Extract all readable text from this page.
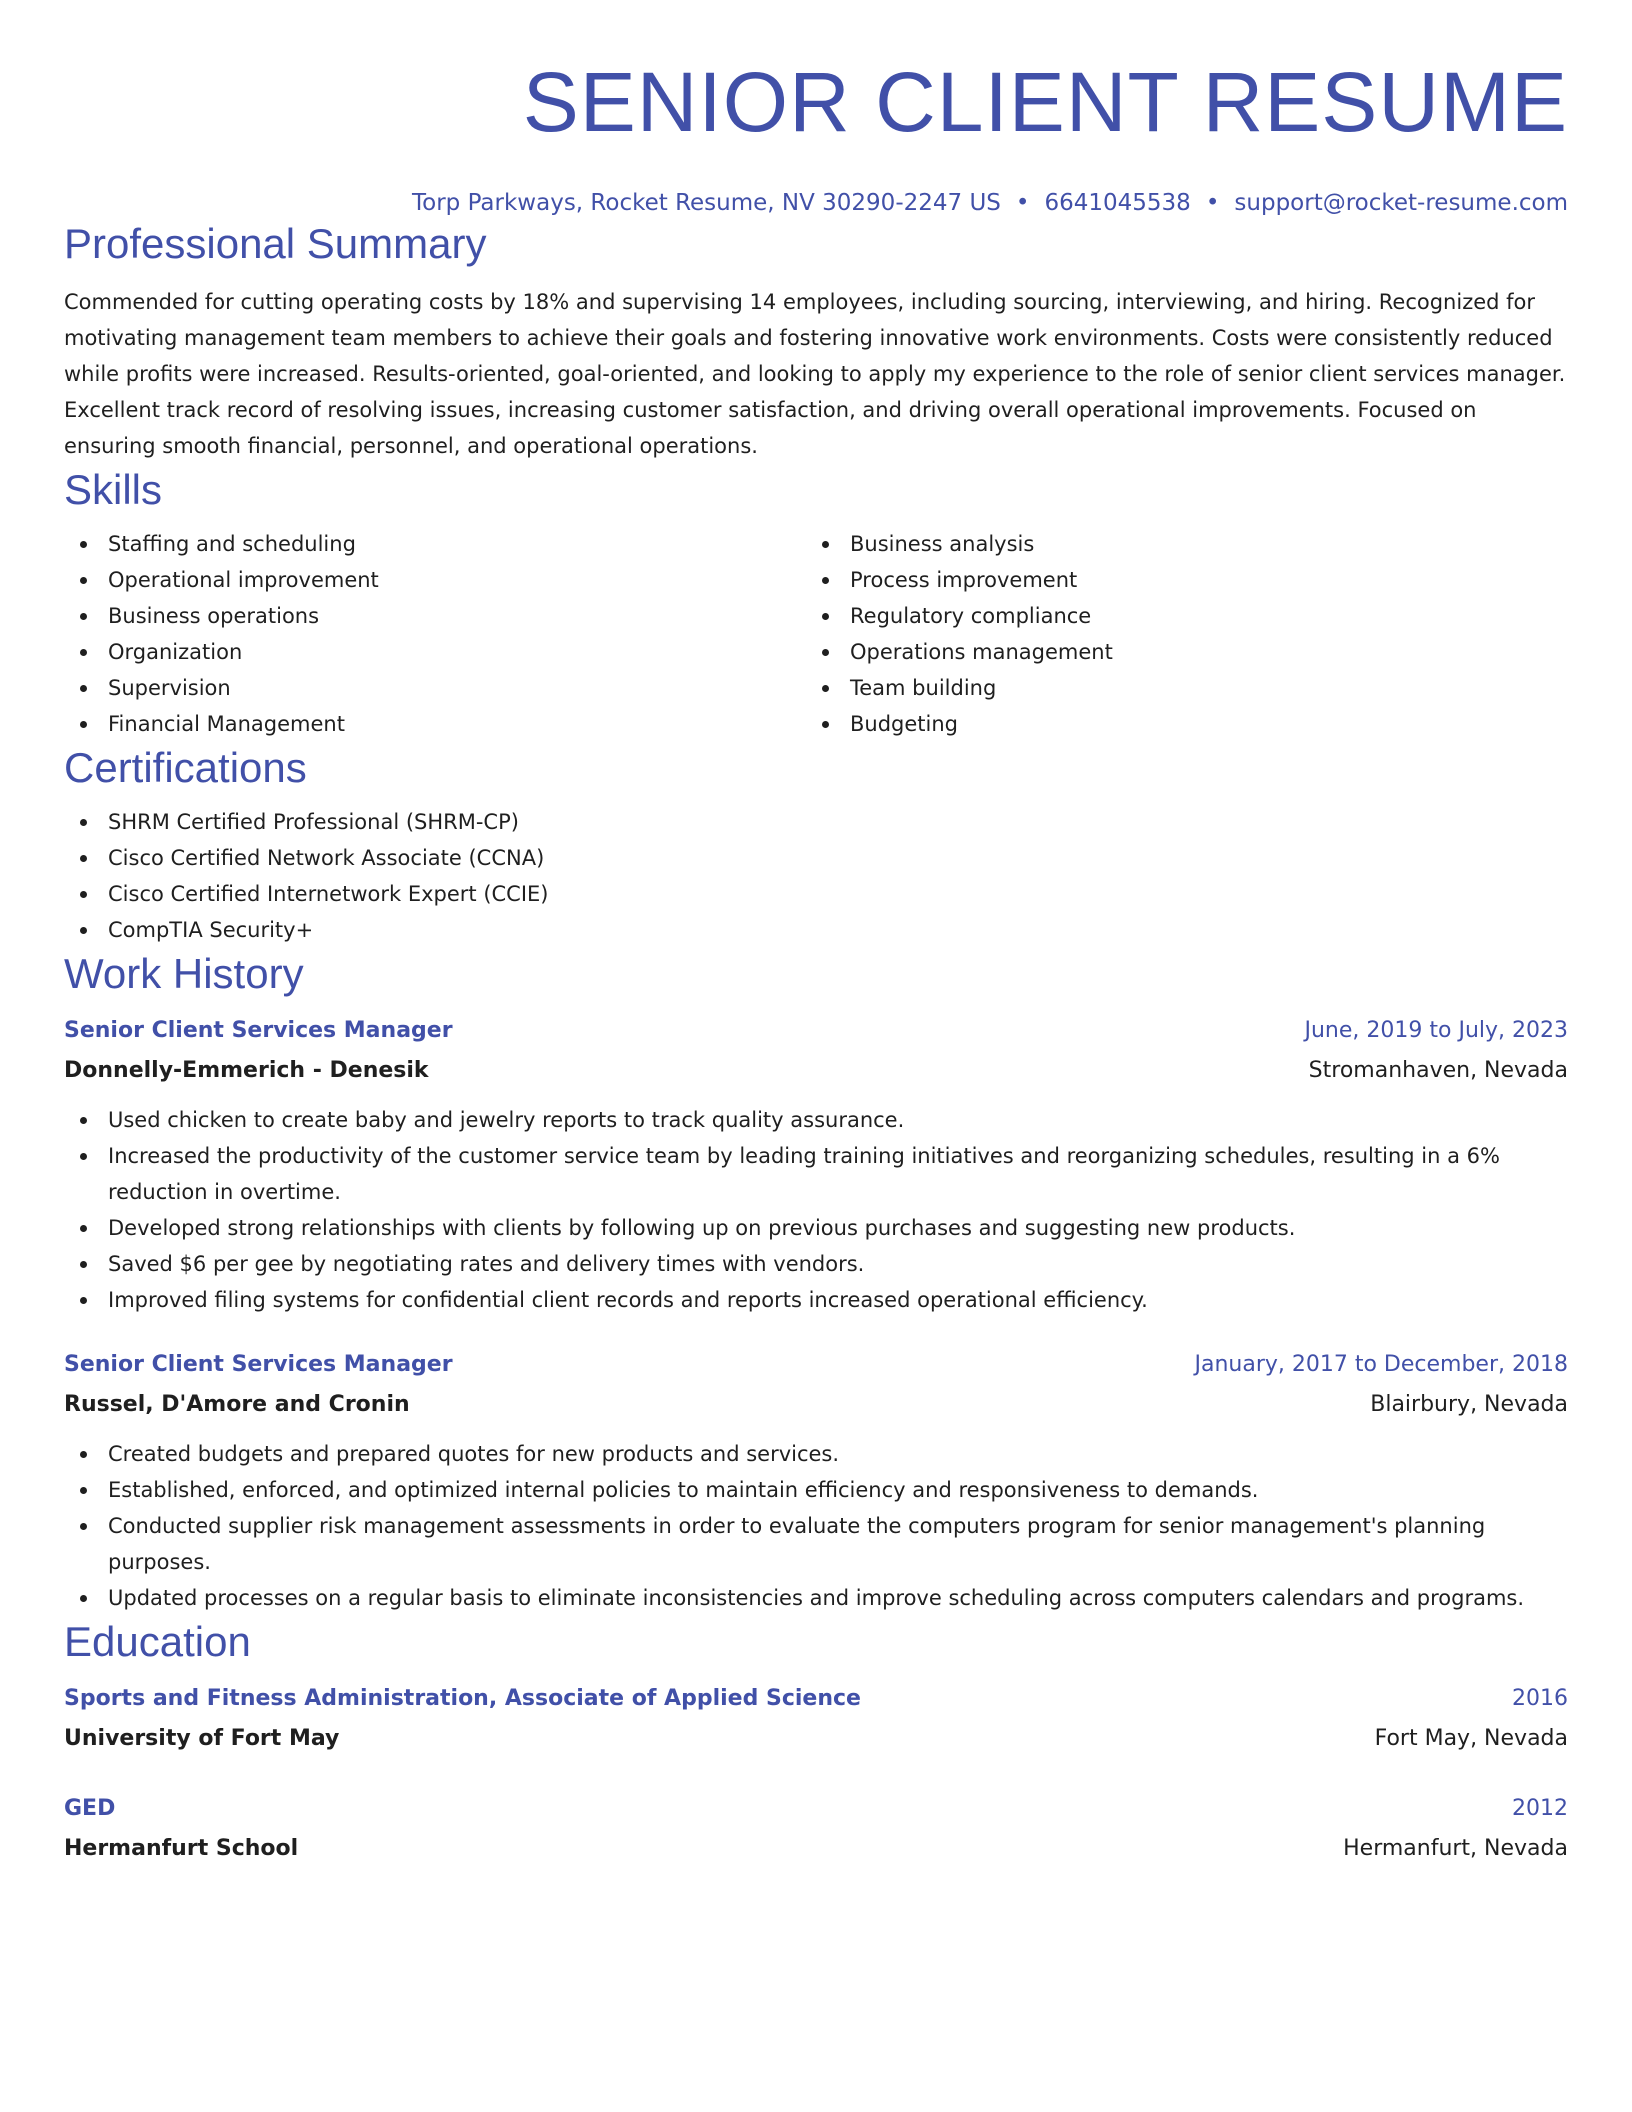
SENIOR CLIENT RESUME
Torp Parkways, Rocket Resume, NV 30290-2247 US • 6641045538 • support@rocket-resume.com
Professional Summary

Commended for cutting operating costs by 18% and supervising 14 employees, including sourcing, interviewing, and hiring. Recognized for motivating management team members to achieve their goals and fostering innovative work environments. Costs were consistently reduced while profits were increased. Results-oriented, goal-oriented, and looking to apply my experience to the role of senior client services manager. Excellent track record of resolving issues, increasing customer satisfaction, and driving overall operational improvements. Focused on ensuring smooth financial, personnel, and operational operations.

Skills
Staffing and scheduling
Operational improvement
Business operations
Organization
Supervision
Financial Management
Business analysis
Process improvement
Regulatory compliance
Operations management
Team building
Budgeting
Certifications
SHRM Certified Professional (SHRM-CP)
Cisco Certified Network Associate (CCNA)
Cisco Certified Internetwork Expert (CCIE)
CompTIA Security+
Work History
Senior Client Services Manager	June, 2019 to July, 2023
Donnelly-Emmerich - Denesik	Stromanhaven, Nevada
Used chicken to create baby and jewelry reports to track quality assurance.
Increased the productivity of the customer service team by leading training initiatives and reorganizing schedules, resulting in a 6% reduction in overtime.
Developed strong relationships with clients by following up on previous purchases and suggesting new products.
Saved $6 per gee by negotiating rates and delivery times with vendors.
Improved filing systems for confidential client records and reports increased operational efficiency.
Senior Client Services Manager	January, 2017 to December, 2018
Russel, D'Amore and Cronin	Blairbury, Nevada
Created budgets and prepared quotes for new products and services.
Established, enforced, and optimized internal policies to maintain efficiency and responsiveness to demands.
Conducted supplier risk management assessments in order to evaluate the computers program for senior management's planning purposes.
Updated processes on a regular basis to eliminate inconsistencies and improve scheduling across computers calendars and programs.
Education
Sports and Fitness Administration, Associate of Applied Science	2016
University of Fort May	Fort May, Nevada
GED	2012
Hermanfurt School	Hermanfurt, Nevada
